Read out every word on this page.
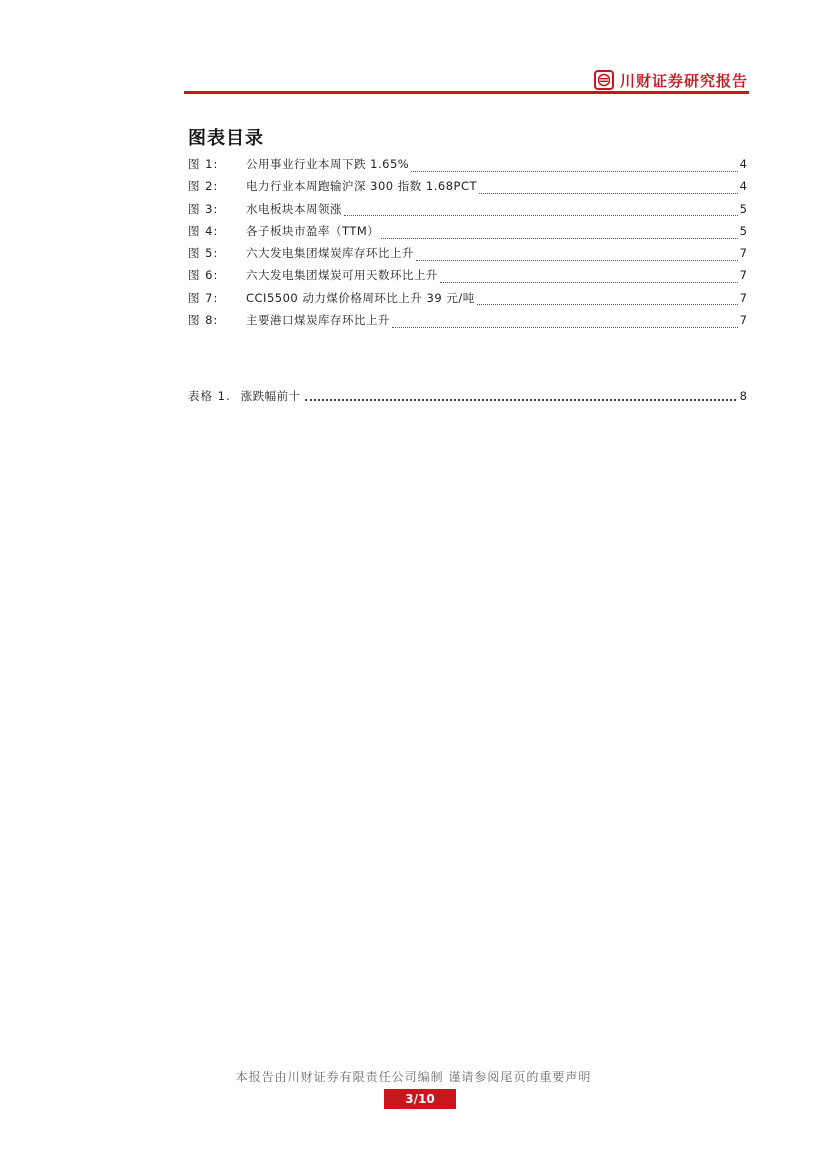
川财证券研究报告
图表目录
图 1:	公用事业行业本周下跌 1.65%	4
图 2:	电力行业本周跑输沪深 300 指数 1.68PCT	4
图 3:	水电板块本周领涨	5
图 4:	各子板块市盈率（TTM）	5
图 5:	六大发电集团煤炭库存环比上升	7
图 6:	六大发电集团煤炭可用天数环比上升	7
图 7:	CCI5500 动力煤价格周环比上升 39 元/吨	7
图 8:	主要港口煤炭库存环比上升	7
表格 1. 涨跌幅前十	8
本报告由川财证券有限责任公司编制 谨请参阅尾页的重要声明
3/10
